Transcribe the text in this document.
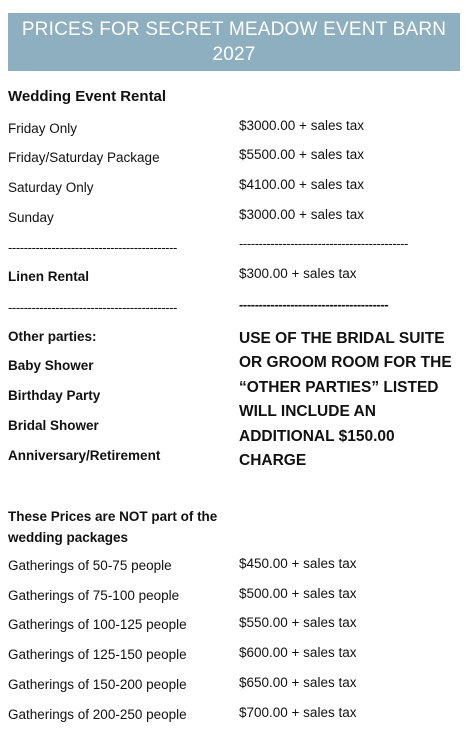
PRICES FOR SECRET MEADOW EVENT BARN
2027
Wedding Event Rental
Friday Only	$3000.00 + sales tax
Friday/Saturday Package	$5500.00 + sales tax
Saturday Only	$4100.00 + sales tax
Sunday	$3000.00 + sales tax
-------------------------------------------	-------------------------------------------
Linen Rental	$300.00 + sales tax
-------------------------------------------	--------------------------------------
Other parties:
Baby Shower
Birthday Party
Bridal Shower
Anniversary/Retirement
USE OF THE BRIDAL SUITE
OR GROOM ROOM FOR THE
“OTHER PARTIES” LISTED
WILL INCLUDE AN
ADDITIONAL $150.00
CHARGE
These Prices are NOT part of the
wedding packages
Gatherings of 50-75 people	$450.00 + sales tax
Gatherings of 75-100 people	$500.00 + sales tax
Gatherings of 100-125 people	$550.00 + sales tax
Gatherings of 125-150 people	$600.00 + sales tax
Gatherings of 150-200 people	$650.00 + sales tax
Gatherings of 200-250 people	$700.00 + sales tax
